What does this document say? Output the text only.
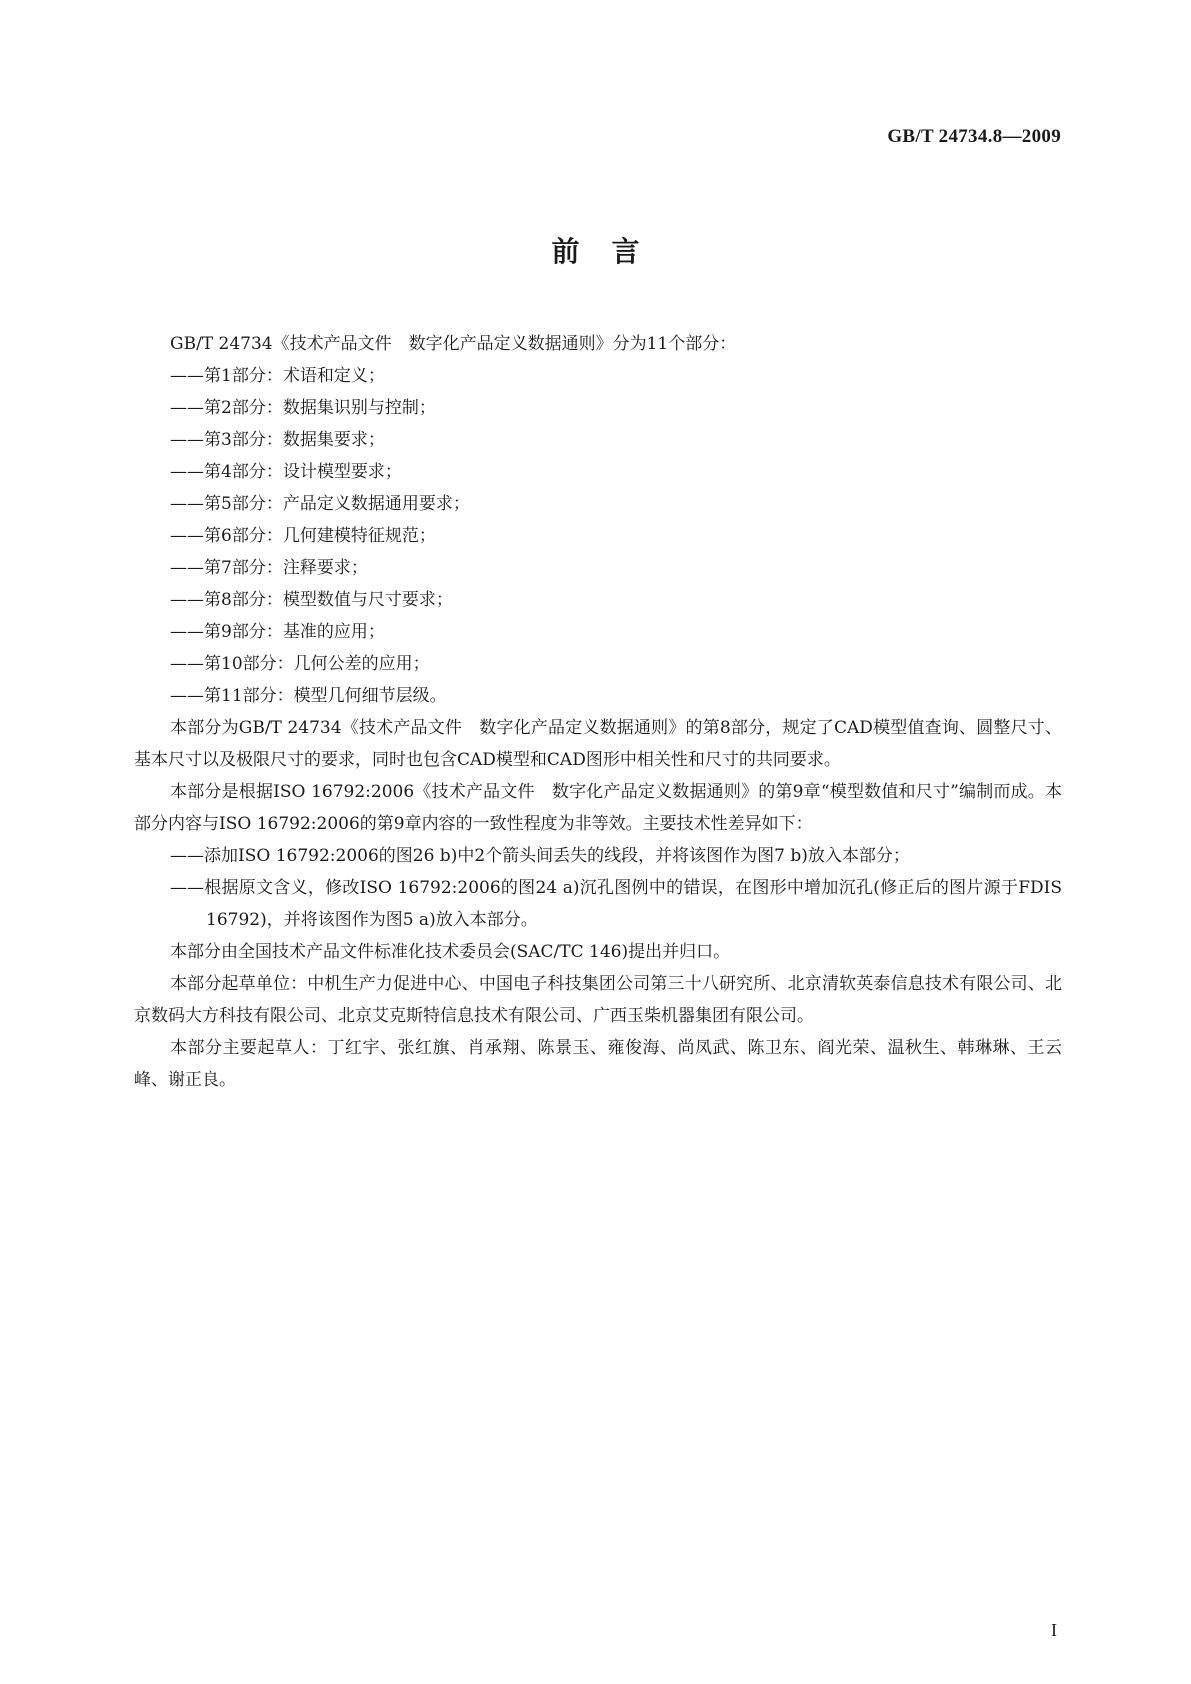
GB/T 24734.8—2009
前言

GB/T 24734《技术产品文件　数字化产品定义数据通则》分为11个部分：

——第1部分：术语和定义；

——第2部分：数据集识别与控制；

——第3部分：数据集要求；

——第4部分：设计模型要求；

——第5部分：产品定义数据通用要求；

——第6部分：几何建模特征规范；

——第7部分：注释要求；

——第8部分：模型数值与尺寸要求；

——第9部分：基准的应用；

——第10部分：几何公差的应用；

——第11部分：模型几何细节层级。

本部分为GB/T 24734《技术产品文件　数字化产品定义数据通则》的第8部分，规定了CAD模型值查询、圆整尺寸、基本尺寸以及极限尺寸的要求，同时也包含CAD模型和CAD图形中相关性和尺寸的共同要求。

本部分是根据ISO 16792:2006《技术产品文件　数字化产品定义数据通则》的第9章“模型数值和尺寸”编制而成。本部分内容与ISO 16792:2006的第9章内容的一致性程度为非等效。主要技术性差异如下：

——添加ISO 16792:2006的图26 b)中2个箭头间丢失的线段，并将该图作为图7 b)放入本部分；

——根据原文含义，修改ISO 16792:2006的图24 a)沉孔图例中的错误，在图形中增加沉孔(修正后的图片源于FDIS 16792)，并将该图作为图5 a)放入本部分。

本部分由全国技术产品文件标准化技术委员会(SAC/TC 146)提出并归口。

本部分起草单位：中机生产力促进中心、中国电子科技集团公司第三十八研究所、北京清软英泰信息技术有限公司、北京数码大方科技有限公司、北京艾克斯特信息技术有限公司、广西玉柴机器集团有限公司。

本部分主要起草人：丁红宇、张红旗、肖承翔、陈景玉、雍俊海、尚凤武、陈卫东、阎光荣、温秋生、韩琳琳、王云峰、谢正良。

I
